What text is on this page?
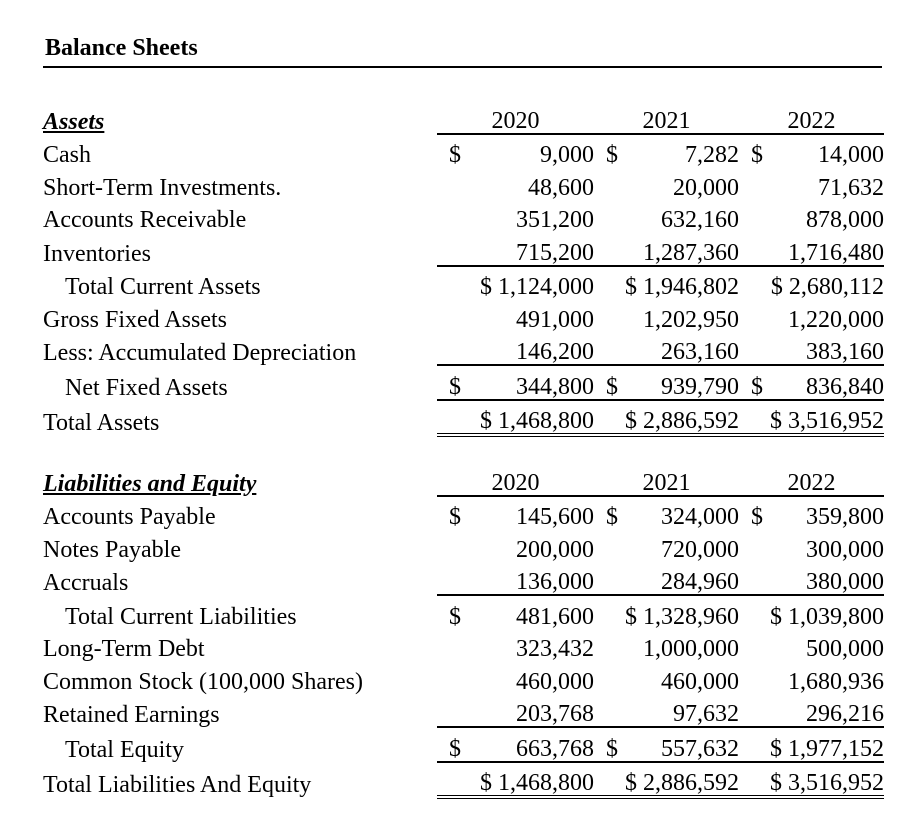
Balance Sheets
Assets	2020	2021	2022
Cash	$ 9,000	$ 7,282	$ 14,000

Short-Term Investments.	48,600	20,000	71,632
Accounts Receivable	351,200	632,160	878,000
Inventories	715,200	1,287,360	1,716,480
Total Current Assets	$ 1,124,000	$ 1,946,802	$ 2,680,112
Gross Fixed Assets	491,000	1,202,950	1,220,000
Less: Accumulated Depreciation	146,200	263,160	383,160
Net Fixed Assets	$ 344,800	$ 939,790	$ 836,840

Total Assets	$ 1,468,800	$ 2,886,592	$ 3,516,952
Liabilities and Equity	2020	2021	2022
Accounts Payable	$ 145,600	$ 324,000	$ 359,800

Notes Payable	200,000	720,000	300,000
Accruals	136,000	284,960	380,000
Total Current Liabilities	$ 481,600	$ 1,328,960	$ 1,039,800
Long-Term Debt	323,432	1,000,000	500,000
Common Stock (100,000 Shares)	460,000	460,000	1,680,936
Retained Earnings	203,768	97,632	296,216
Total Equity	$ 663,768	$ 557,632	$ 1,977,152
Total Liabilities And Equity	$ 1,468,800	$ 2,886,592	$ 3,516,952
